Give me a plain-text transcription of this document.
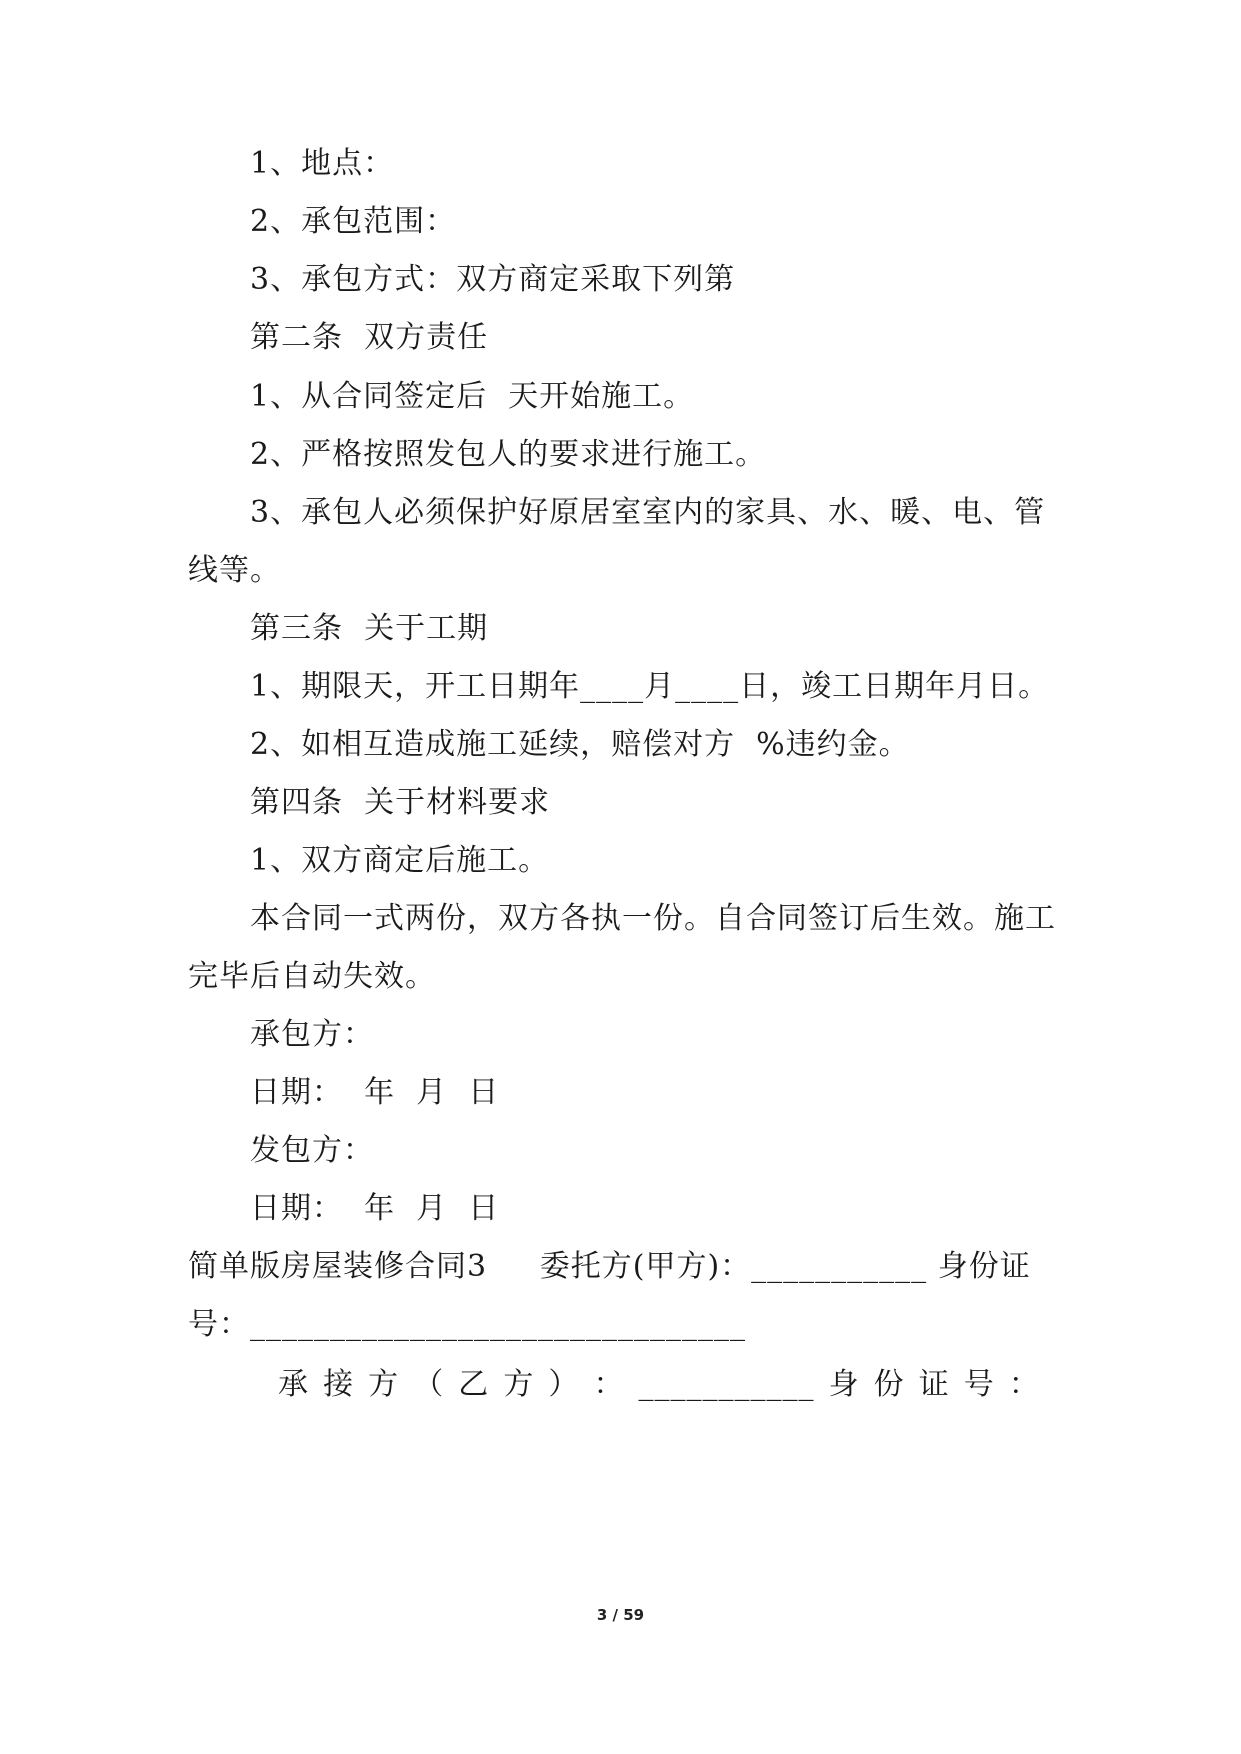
1、地点：
2、承包范围：
3、承包方式：双方商定采取下列第
第二条  双方责任
1、从合同签定后  天开始施工。
2、严格按照发包人的要求进行施工。
3、承包人必须保护好原居室室内的家具、水、暖、电、管
线等。
第三条  关于工期
1、期限天，开工日期年____月____日，竣工日期年月日。
2、如相互造成施工延续，赔偿对方  %违约金。
第四条  关于材料要求
1、双方商定后施工。
本合同一式两份，双方各执一份。自合同签订后生效。施工
完毕后自动失效。
承包方：
日期：  年  月  日
发包方：
日期：  年  月  日
简单版房屋装修合同3     委托方(甲方)：___________ 身份证
号：_______________________________
承 接 方 （ 乙 方 ） ： ___________ 身 份 证 号 ：
3 / 59
